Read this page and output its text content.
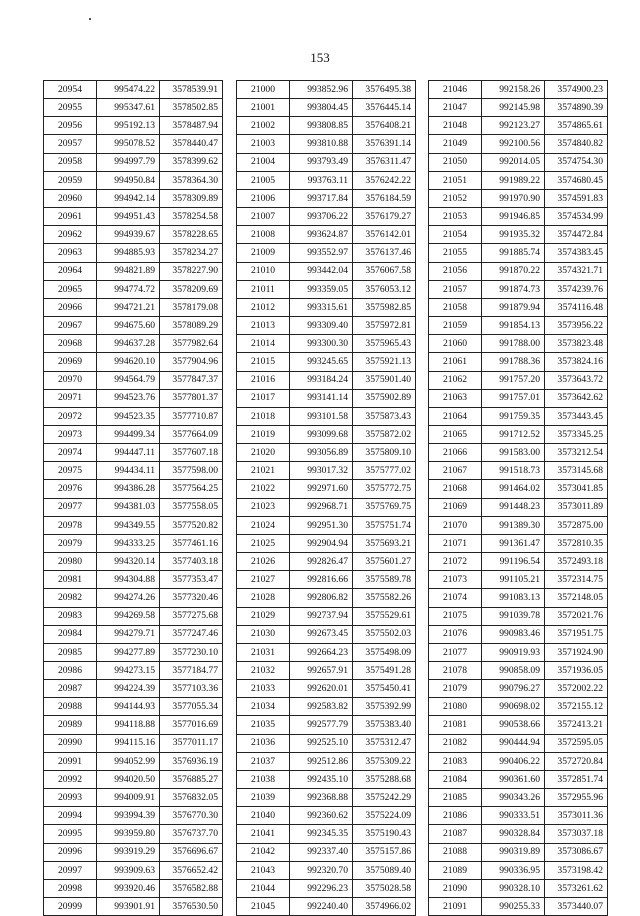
153
20954	995474.22	3578539.91
20955	995347.61	3578502.85
20956	995192.13	3578487.94
20957	995078.52	3578440.47
20958	994997.79	3578399.62
20959	994950.84	3578364.30
20960	994942.14	3578309.89
20961	994951.43	3578254.58
20962	994939.67	3578228.65
20963	994885.93	3578234.27
20964	994821.89	3578227.90
20965	994774.72	3578209.69
20966	994721.21	3578179.08
20967	994675.60	3578089.29
20968	994637.28	3577982.64
20969	994620.10	3577904.96
20970	994564.79	3577847.37
20971	994523.76	3577801.37
20972	994523.35	3577710.87
20973	994499.34	3577664.09
20974	994447.11	3577607.18
20975	994434.11	3577598.00
20976	994386.28	3577564.25
20977	994381.03	3577558.05
20978	994349.55	3577520.82
20979	994333.25	3577461.16
20980	994320.14	3577403.18
20981	994304.88	3577353.47
20982	994274.26	3577320.46
20983	994269.58	3577275.68
20984	994279.71	3577247.46
20985	994277.89	3577230.10
20986	994273.15	3577184.77
20987	994224.39	3577103.36
20988	994144.93	3577055.34
20989	994118.88	3577016.69
20990	994115.16	3577011.17
20991	994052.99	3576936.19
20992	994020.50	3576885.27
20993	994009.91	3576832.05
20994	993994.39	3576770.30
20995	993959.80	3576737.70
20996	993919.29	3576696.67
20997	993909.63	3576652.42
20998	993920.46	3576582.88
20999	993901.91	3576530.50
21000	993852.96	3576495.38
21001	993804.45	3576445.14
21002	993808.85	3576408.21
21003	993810.88	3576391.14
21004	993793.49	3576311.47
21005	993763.11	3576242.22
21006	993717.84	3576184.59
21007	993706.22	3576179.27
21008	993624.87	3576142.01
21009	993552.97	3576137.46
21010	993442.04	3576067.58
21011	993359.05	3576053.12
21012	993315.61	3575982.85
21013	993309.40	3575972.81
21014	993300.30	3575965.43
21015	993245.65	3575921.13
21016	993184.24	3575901.40
21017	993141.14	3575902.89
21018	993101.58	3575873.43
21019	993099.68	3575872.02
21020	993056.89	3575809.10
21021	993017.32	3575777.02
21022	992971.60	3575772.75
21023	992968.71	3575769.75
21024	992951.30	3575751.74
21025	992904.94	3575693.21
21026	992826.47	3575601.27
21027	992816.66	3575589.78
21028	992806.82	3575582.26
21029	992737.94	3575529.61
21030	992673.45	3575502.03
21031	992664.23	3575498.09
21032	992657.91	3575491.28
21033	992620.01	3575450.41
21034	992583.82	3575392.99
21035	992577.79	3575383.40
21036	992525.10	3575312.47
21037	992512.86	3575309.22
21038	992435.10	3575288.68
21039	992368.88	3575242.29
21040	992360.62	3575224.09
21041	992345.35	3575190.43
21042	992337.40	3575157.86
21043	992320.70	3575089.40
21044	992296.23	3575028.58
21045	992240.40	3574966.02
21046	992158.26	3574900.23
21047	992145.98	3574890.39
21048	992123.27	3574865.61
21049	992100.56	3574840.82
21050	992014.05	3574754.30
21051	991989.22	3574680.45
21052	991970.90	3574591.83
21053	991946.85	3574534.99
21054	991935.32	3574472.84
21055	991885.74	3574383.45
21056	991870.22	3574321.71
21057	991874.73	3574239.76
21058	991879.94	3574116.48
21059	991854.13	3573956.22
21060	991788.00	3573823.48
21061	991788.36	3573824.16
21062	991757.20	3573643.72
21063	991757.01	3573642.62
21064	991759.35	3573443.45
21065	991712.52	3573345.25
21066	991583.00	3573212.54
21067	991518.73	3573145.68
21068	991464.02	3573041.85
21069	991448.23	3573011.89
21070	991389.30	3572875.00
21071	991361.47	3572810.35
21072	991196.54	3572493.18
21073	991105.21	3572314.75
21074	991083.13	3572148.05
21075	991039.78	3572021.76
21076	990983.46	3571951.75
21077	990919.93	3571924.90
21078	990858.09	3571936.05
21079	990796.27	3572002.22
21080	990698.02	3572155.12
21081	990538.66	3572413.21
21082	990444.94	3572595.05
21083	990406.22	3572720.84
21084	990361.60	3572851.74
21085	990343.26	3572955.96
21086	990333.51	3573011.36
21087	990328.84	3573037.18
21088	990319.89	3573086.67
21089	990336.95	3573198.42
21090	990328.10	3573261.62
21091	990255.33	3573440.07
